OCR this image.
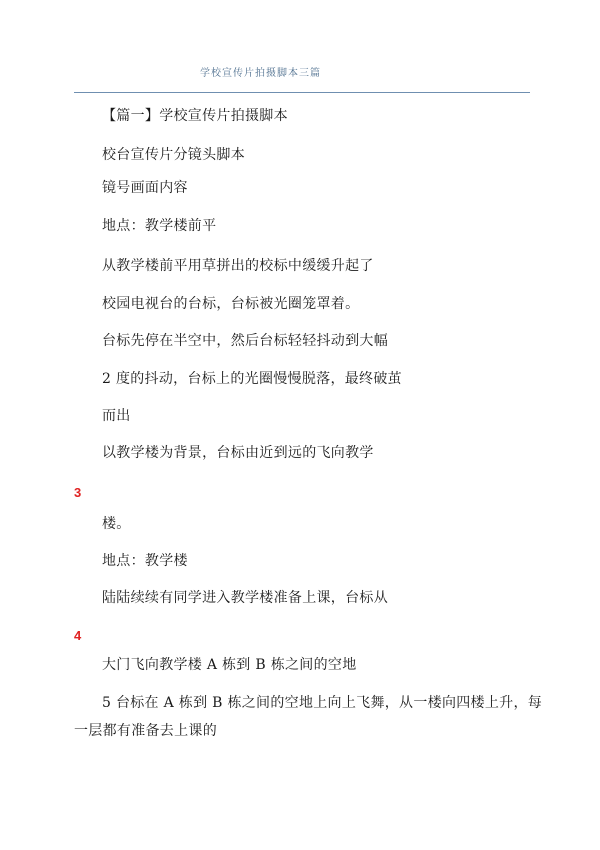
学校宣传片拍摄脚本三篇
【篇一】学校宣传片拍摄脚本
校台宣传片分镜头脚本
镜号画面内容
地点：教学楼前平
从教学楼前平用草拼出的校标中缓缓升起了
校园电视台的台标，台标被光圈笼罩着。
台标先停在半空中，然后台标轻轻抖动到大幅
2 度的抖动，台标上的光圈慢慢脱落，最终破茧
而出
以教学楼为背景，台标由近到远的飞向教学
3
楼。
地点：教学楼
陆陆续续有同学进入教学楼准备上课，台标从
4
大门飞向教学楼 A 栋到 B 栋之间的空地
5 台标在 A 栋到 B 栋之间的空地上向上飞舞，从一楼向四楼上升，每
一层都有准备去上课的
